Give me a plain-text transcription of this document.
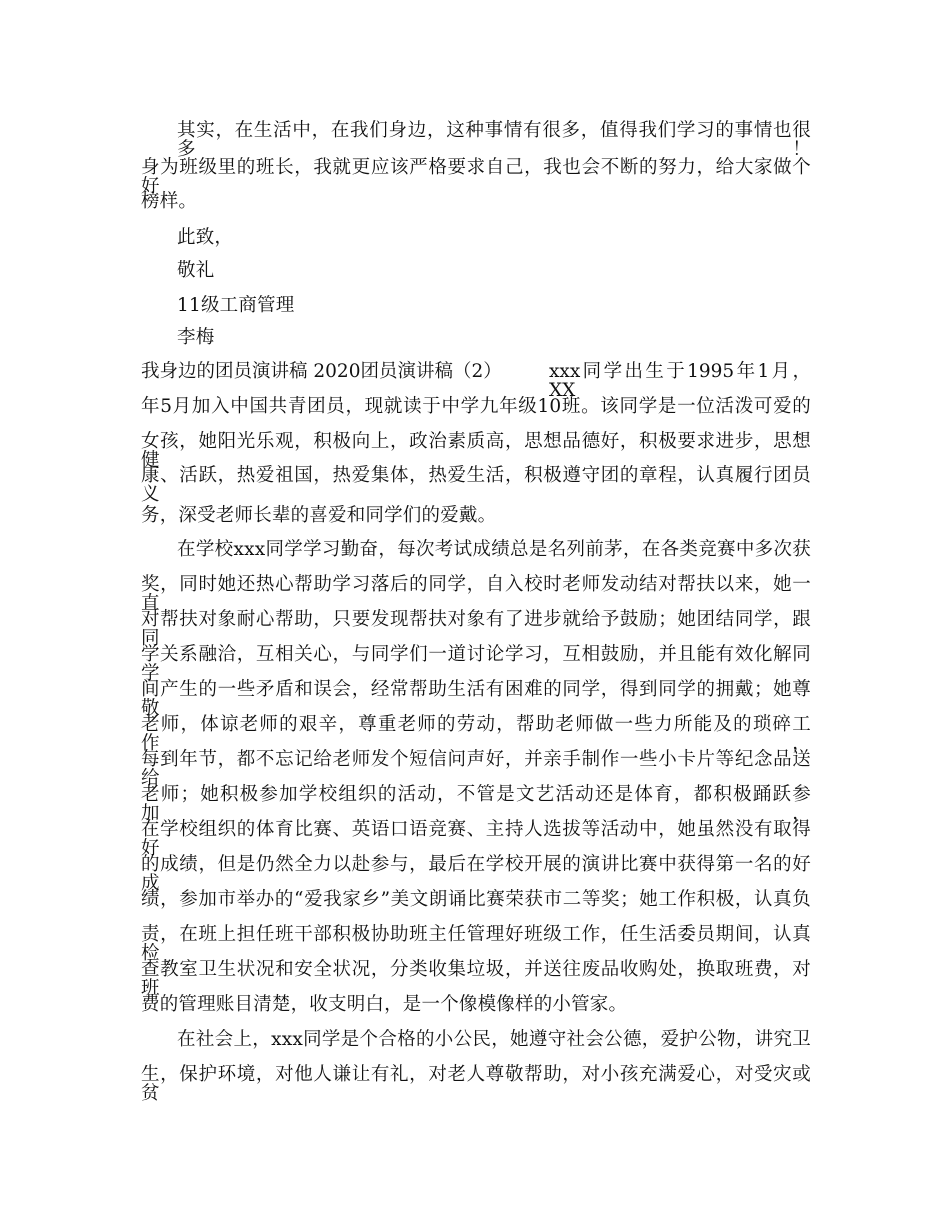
其实，在生活中，在我们身边，这种事情有很多，值得我们学习的事情也很多！
身为班级里的班长，我就更应该严格要求自己，我也会不断的努力，给大家做个好
榜样。
此致，
敬礼
11级工商管理
李梅
我身边的团员演讲稿 2020团员演讲稿（2）	xxx同学出生于1995年1月，XX
年5月加入中国共青团员，现就读于中学九年级10班。该同学是一位活泼可爱的
女孩，她阳光乐观，积极向上，政治素质高，思想品德好，积极要求进步，思想健
康、活跃，热爱祖国，热爱集体，热爱生活，积极遵守团的章程，认真履行团员义
务，深受老师长辈的喜爱和同学们的爱戴。
在学校xxx同学学习勤奋，每次考试成绩总是名列前茅，在各类竞赛中多次获
奖，同时她还热心帮助学习落后的同学，自入校时老师发动结对帮扶以来，她一直
对帮扶对象耐心帮助，只要发现帮扶对象有了进步就给予鼓励；她团结同学，跟同
学关系融洽，互相关心，与同学们一道讨论学习，互相鼓励，并且能有效化解同学
间产生的一些矛盾和误会，经常帮助生活有困难的同学，得到同学的拥戴；她尊敬
老师，体谅老师的艰辛，尊重老师的劳动，帮助老师做一些力所能及的琐碎工作，
每到年节，都不忘记给老师发个短信问声好，并亲手制作一些小卡片等纪念品送给
老师；她积极参加学校组织的活动，不管是文艺活动还是体育，都积极踊跃参加，
在学校组织的体育比赛、英语口语竞赛、主持人选拔等活动中，她虽然没有取得好
的成绩，但是仍然全力以赴参与，最后在学校开展的演讲比赛中获得第一名的好成
绩，参加市举办的“爱我家乡”美文朗诵比赛荣获市二等奖；她工作积极，认真负
责，在班上担任班干部积极协助班主任管理好班级工作，任生活委员期间，认真检
查教室卫生状况和安全状况，分类收集垃圾，并送往废品收购处，换取班费，对班
费的管理账目清楚，收支明白，是一个像模像样的小管家。
在社会上，xxx同学是个合格的小公民，她遵守社会公德，爱护公物，讲究卫
生，保护环境，对他人谦让有礼，对老人尊敬帮助，对小孩充满爱心，对受灾或贫
